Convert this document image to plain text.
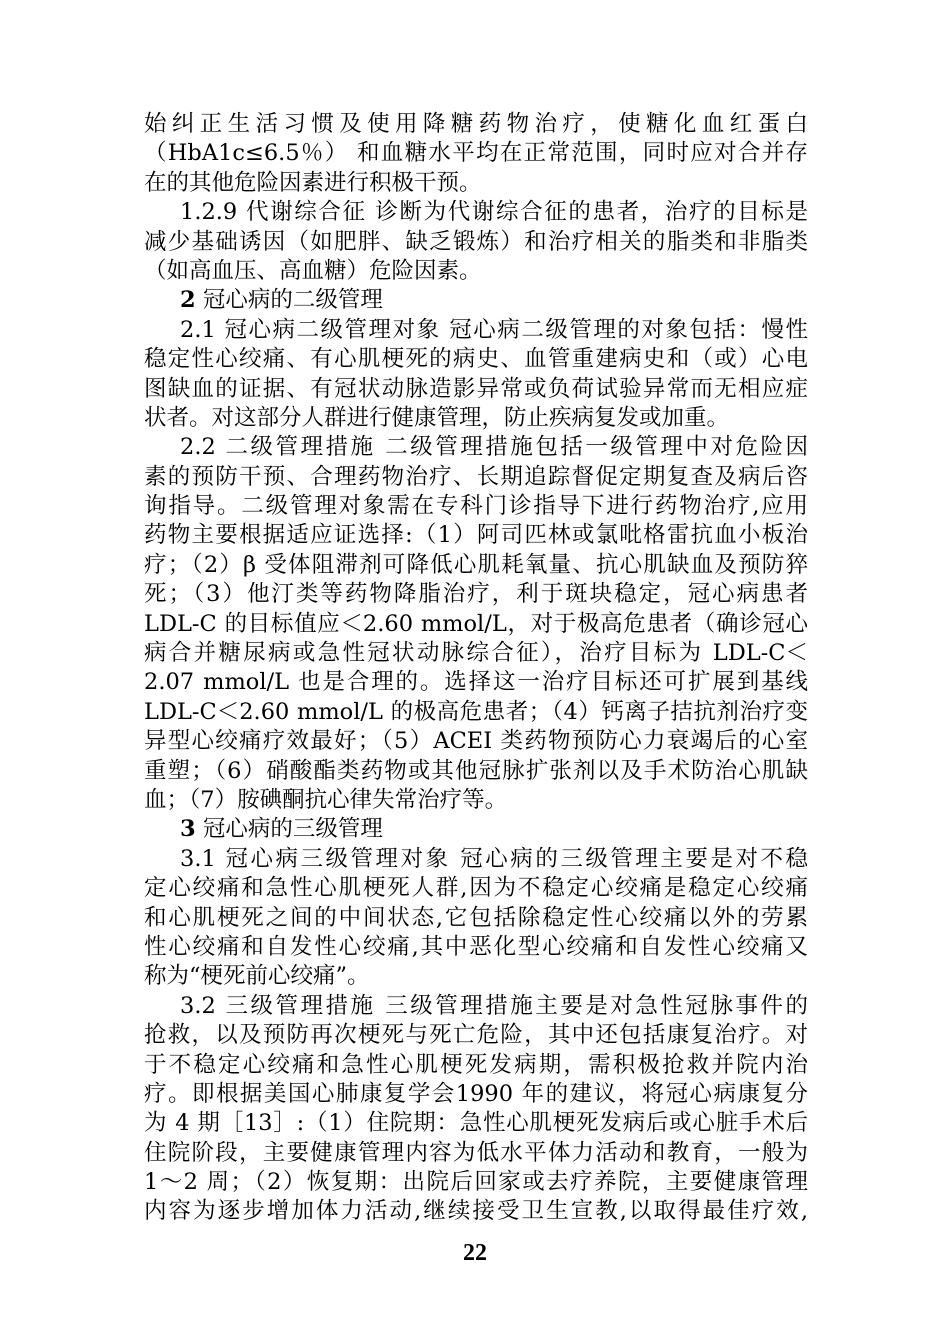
始纠正生活习惯及使用降糖药物治疗，使糖化血红蛋白
（HbA1c≤6.5％） 和血糖水平均在正常范围，同时应对合并存
在的其他危险因素进行积极干预。
1.2.9 代谢综合征 诊断为代谢综合征的患者，治疗的目标是
减少基础诱因（如肥胖、缺乏锻炼）和治疗相关的脂类和非脂类
（如高血压、高血糖）危险因素。
2 冠心病的二级管理
2.1 冠心病二级管理对象 冠心病二级管理的对象包括：慢性
稳定性心绞痛、有心肌梗死的病史、血管重建病史和（或）心电
图缺血的证据、有冠状动脉造影异常或负荷试验异常而无相应症
状者。对这部分人群进行健康管理，防止疾病复发或加重。
2.2 二级管理措施 二级管理措施包括一级管理中对危险因
素的预防干预、合理药物治疗、长期追踪督促定期复查及病后咨
询指导。二级管理对象需在专科门诊指导下进行药物治疗,应用
药物主要根据适应证选择:（1）阿司匹林或氯吡格雷抗血小板治
疗；（2）β 受体阻滞剂可降低心肌耗氧量、抗心肌缺血及预防猝
死；（3）他汀类等药物降脂治疗，利于斑块稳定，冠心病患者
LDL-C 的目标值应＜2.60 mmol/L，对于极高危患者（确诊冠心
病合并糖尿病或急性冠状动脉综合征），治疗目标为 LDL-C＜
2.07 mmol/L 也是合理的。选择这一治疗目标还可扩展到基线
LDL-C＜2.60 mmol/L 的极高危患者；（4）钙离子拮抗剂治疗变
异型心绞痛疗效最好；（5）ACEI 类药物预防心力衰竭后的心室
重塑；（6）硝酸酯类药物或其他冠脉扩张剂以及手术防治心肌缺
血；（7）胺碘酮抗心律失常治疗等。
3 冠心病的三级管理
3.1 冠心病三级管理对象 冠心病的三级管理主要是对不稳
定心绞痛和急性心肌梗死人群,因为不稳定心绞痛是稳定心绞痛
和心肌梗死之间的中间状态,它包括除稳定性心绞痛以外的劳累
性心绞痛和自发性心绞痛,其中恶化型心绞痛和自发性心绞痛又
称为“梗死前心绞痛”。
3.2 三级管理措施 三级管理措施主要是对急性冠脉事件的
抢救，以及预防再次梗死与死亡危险，其中还包括康复治疗。对
于不稳定心绞痛和急性心肌梗死发病期，需积极抢救并院内治
疗。即根据美国心肺康复学会1990 年的建议，将冠心病康复分
为 4 期［13］:（1）住院期：急性心肌梗死发病后或心脏手术后
住院阶段，主要健康管理内容为低水平体力活动和教育，一般为
1～2 周；（2）恢复期：出院后回家或去疗养院，主要健康管理
内容为逐步增加体力活动,继续接受卫生宣教,以取得最佳疗效,
22
